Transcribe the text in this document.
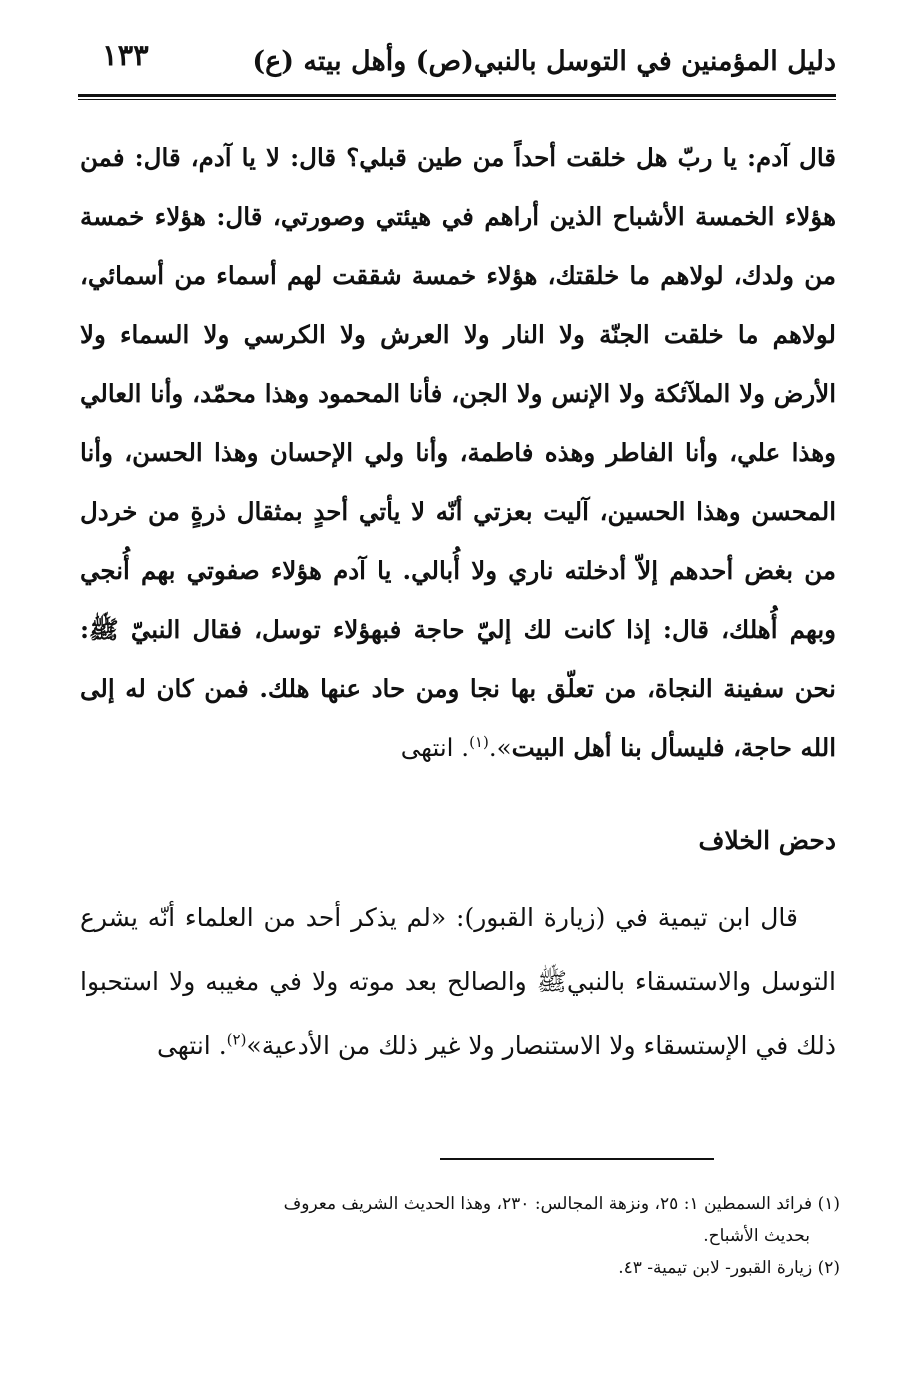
دليل المؤمنين في التوسل بالنبي(ص) وأهل بيته (ع)
١٣٣
قال آدم: يا ربّ هل خلقت أحداً من طين قبلي؟ قال: لا يا آدم، قال: فمن هؤلاء الخمسة الأشباح الذين أراهم في هيئتي وصورتي، قال: هؤلاء خمسة من ولدك، لولاهم ما خلقتك، هؤلاء خمسة شققت لهم أسماء من أسمائي، لولاهم ما خلقت الجنّة ولا النار ولا العرش ولا الكرسي ولا السماء ولا الأرض ولا الملآئكة ولا الإنس ولا الجن، فأنا المحمود وهذا محمّد، وأنا العالي وهذا علي، وأنا الفاطر وهذه فاطمة، وأنا ولي الإحسان وهذا الحسن، وأنا المحسن وهذا الحسين، آليت بعزتي أنّه لا يأتي أحدٍ بمثقال ذرةٍ من خردل من بغض أحدهم إلاّ أدخلته ناري ولا أُبالي. يا آدم هؤلاء صفوتي بهم أُنجي وبهم أُهلك، قال: إذا كانت لك إليّ حاجة فبهؤلاء توسل، فقال النبيّ ﷺ: نحن سفينة النجاة، من تعلّق بها نجا ومن حاد عنها هلك. فمن كان له إلى الله حاجة، فليسأل بنا أهل البيت».$^{(١)}$. انتهى
دحض الخلاف
قال ابن تيمية في (زيارة القبور): «لم يذكر أحد من العلماء أنّه يشرع التوسل والاستسقاء بالنبيﷺ والصالح بعد موته ولا في مغيبه ولا استحبوا ذلك في الإستسقاء ولا الاستنصار ولا غير ذلك من الأدعية»$^{(٢)}$. انتهى

(١) فرائد السمطين ١: ٢٥، ونزهة المجالس: ٢٣٠، وهذا الحديث الشريف معروف
بحديث الأشباح.

(٢) زيارة القبور- لابن تيمية- ٤٣.
